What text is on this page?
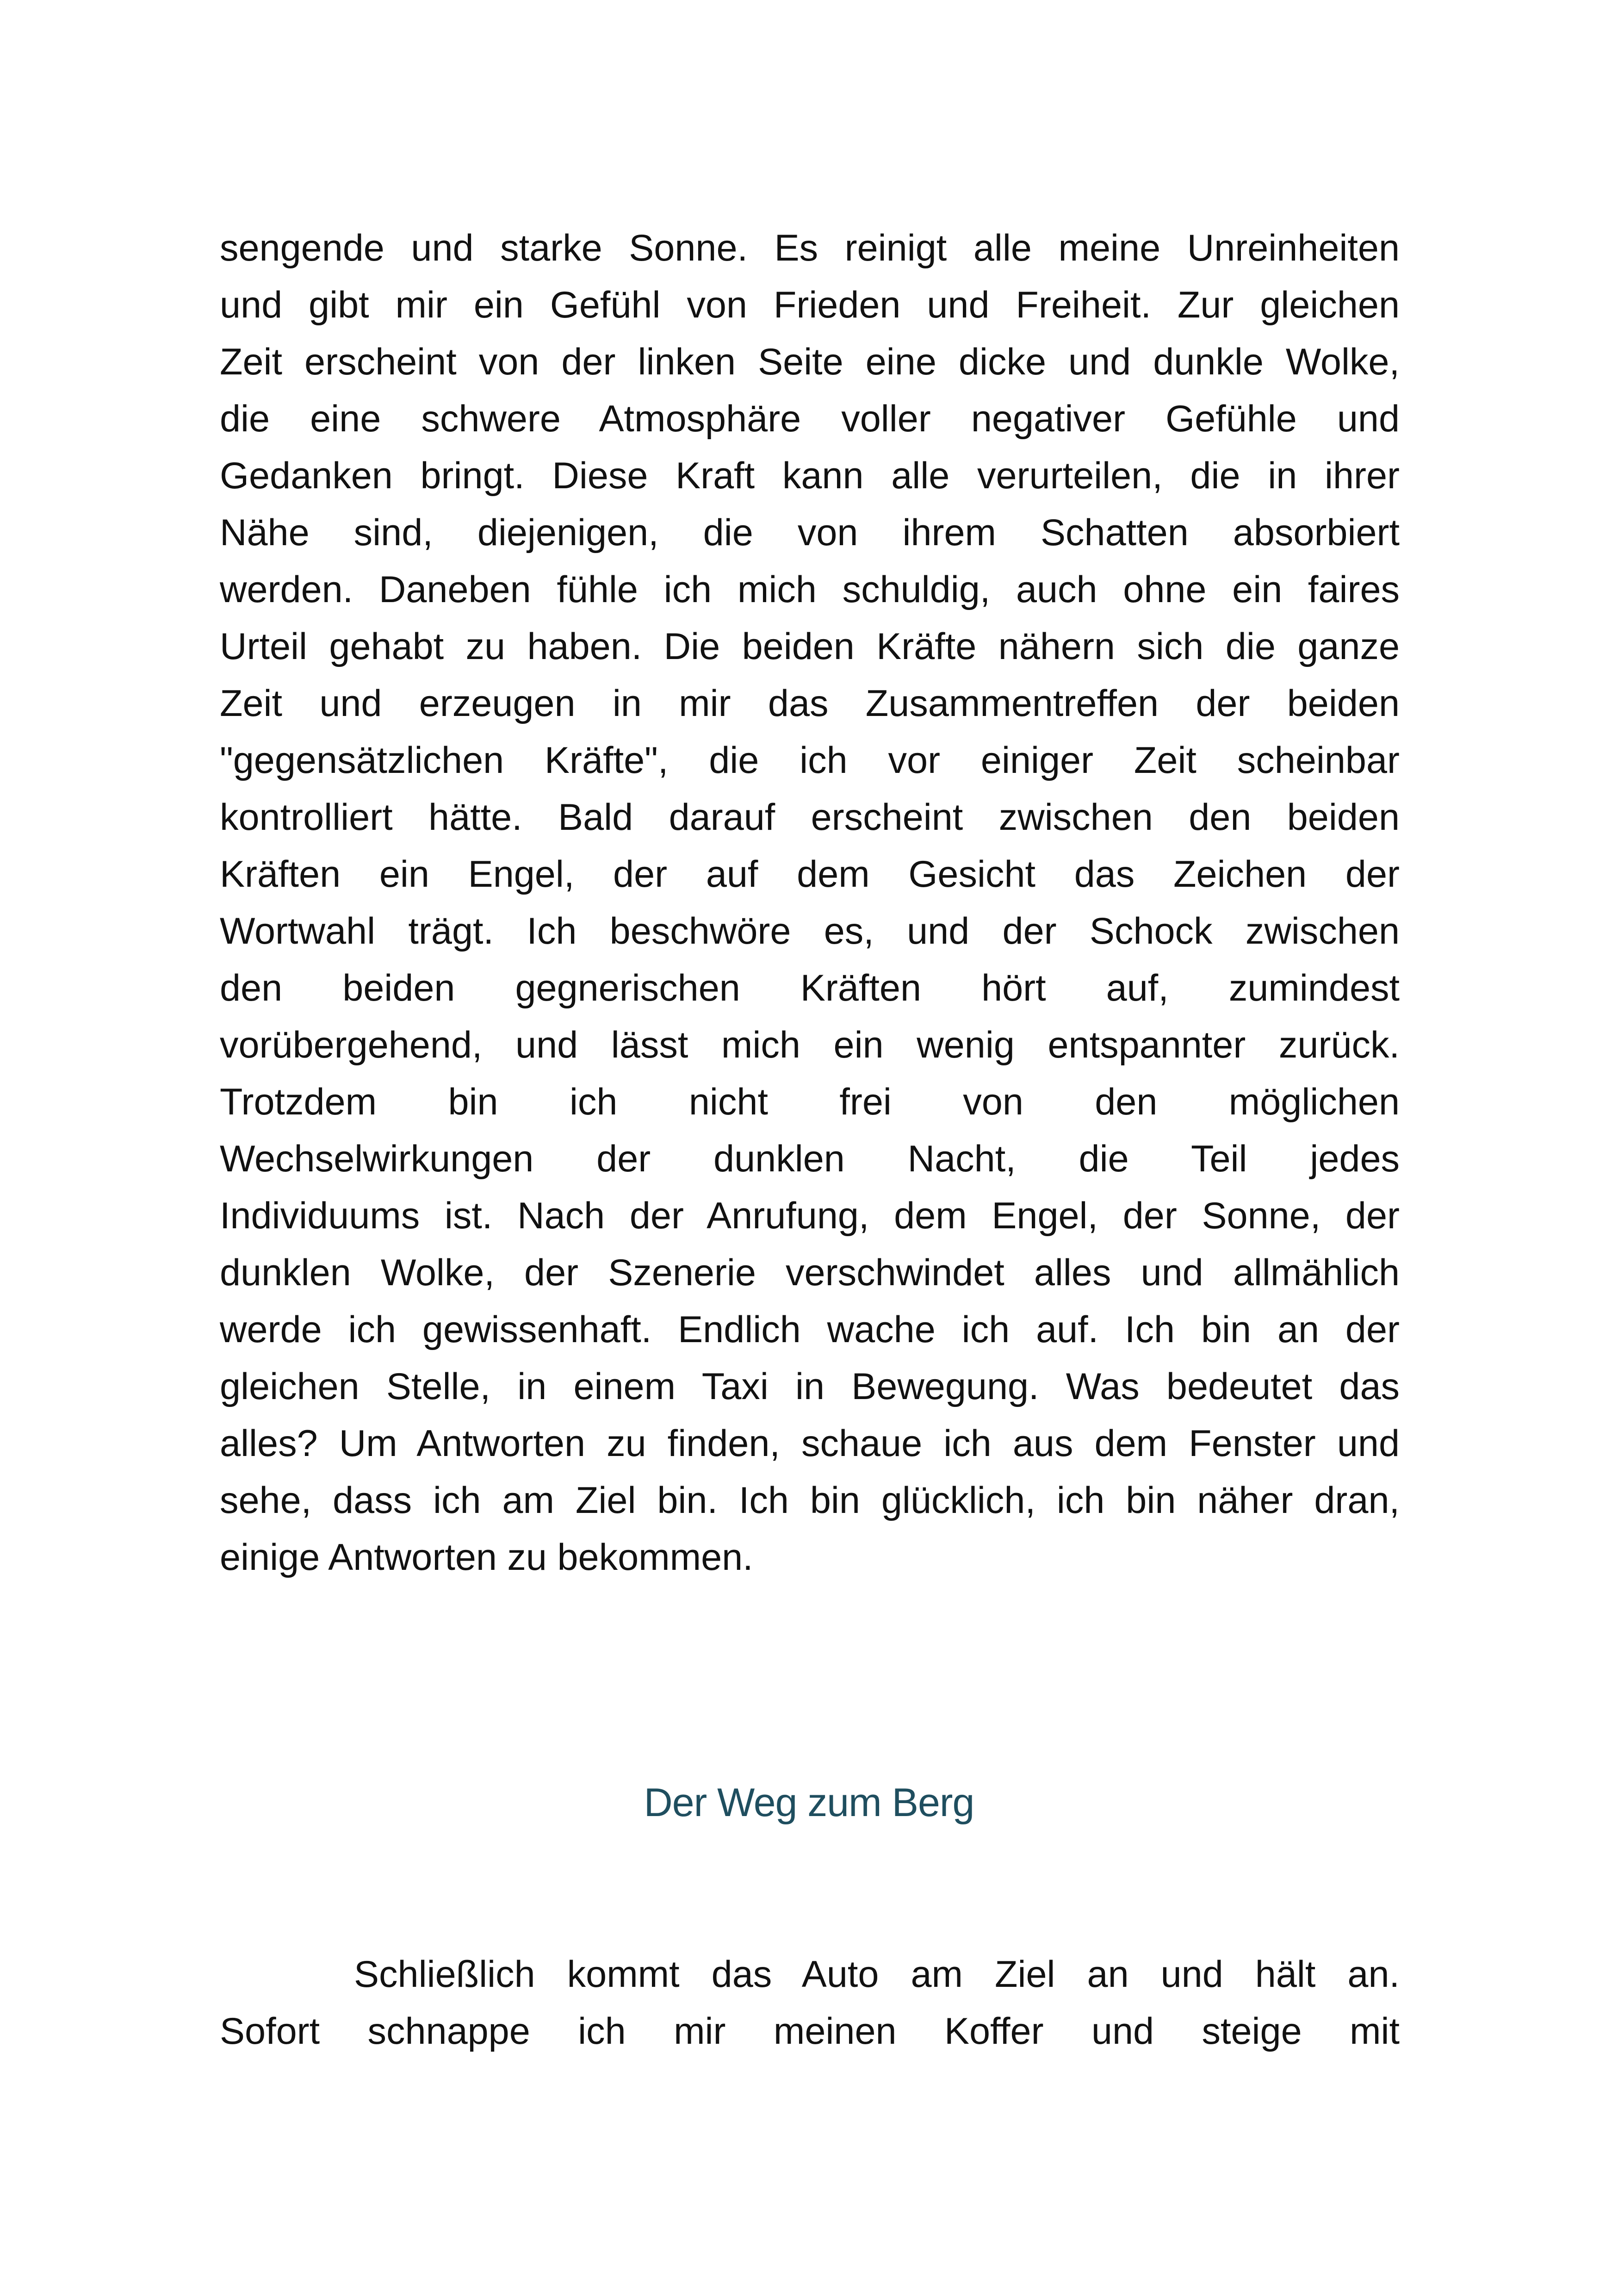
sengende und starke Sonne. Es reinigt alle meine Unreinheiten
und gibt mir ein Gefühl von Frieden und Freiheit. Zur gleichen
Zeit erscheint von der linken Seite eine dicke und dunkle Wolke,
die eine schwere Atmosphäre voller negativer Gefühle und
Gedanken bringt. Diese Kraft kann alle verurteilen, die in ihrer
Nähe sind, diejenigen, die von ihrem Schatten absorbiert
werden. Daneben fühle ich mich schuldig, auch ohne ein faires
Urteil gehabt zu haben. Die beiden Kräfte nähern sich die ganze
Zeit und erzeugen in mir das Zusammentreffen der beiden
"gegensätzlichen Kräfte", die ich vor einiger Zeit scheinbar
kontrolliert hätte. Bald darauf erscheint zwischen den beiden
Kräften ein Engel, der auf dem Gesicht das Zeichen der
Wortwahl trägt. Ich beschwöre es, und der Schock zwischen
den beiden gegnerischen Kräften hört auf, zumindest
vorübergehend, und lässt mich ein wenig entspannter zurück.
Trotzdem bin ich nicht frei von den möglichen
Wechselwirkungen der dunklen Nacht, die Teil jedes
Individuums ist. Nach der Anrufung, dem Engel, der Sonne, der
dunklen Wolke, der Szenerie verschwindet alles und allmählich
werde ich gewissenhaft. Endlich wache ich auf. Ich bin an der
gleichen Stelle, in einem Taxi in Bewegung. Was bedeutet das
alles? Um Antworten zu finden, schaue ich aus dem Fenster und
sehe, dass ich am Ziel bin. Ich bin glücklich, ich bin näher dran,
einige Antworten zu bekommen.
Der Weg zum Berg
Schließlich kommt das Auto am Ziel an und hält an.
Sofort schnappe ich mir meinen Koffer und steige mit
